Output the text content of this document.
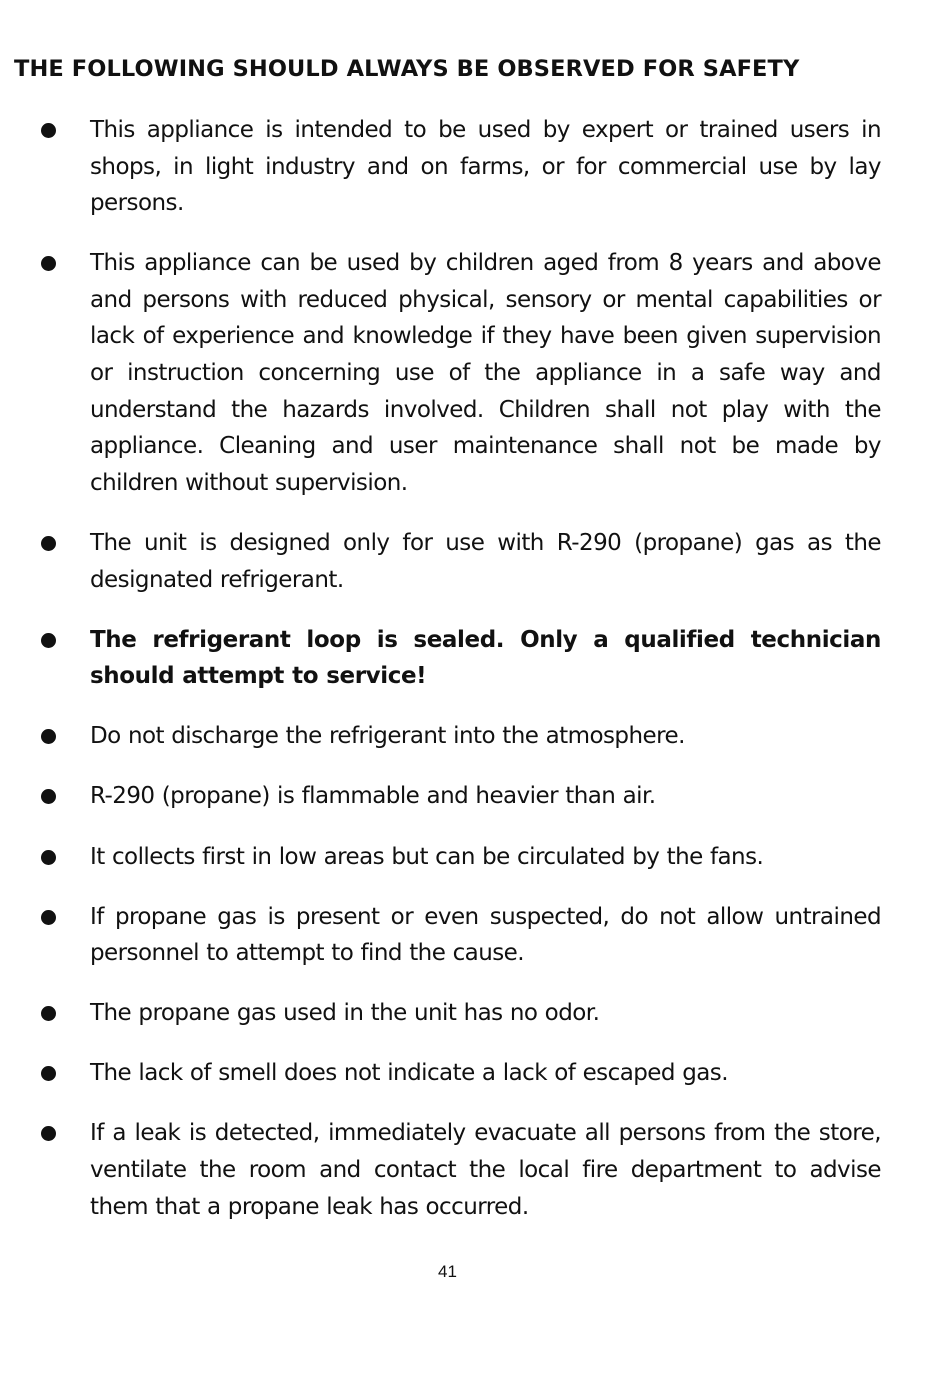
THE FOLLOWING SHOULD ALWAYS BE OBSERVED FOR SAFETY
This appliance is intended to be used by expert or trained users in shops, in light industry and on farms, or for commercial use by lay persons.
This appliance can be used by children aged from 8 years and above and persons with reduced physical, sensory or mental capabilities or lack of experience and knowledge if they have been given supervision or instruction concerning use of the appliance in a safe way and understand the hazards involved. Children shall not play with the appliance. Cleaning and user maintenance shall not be made by children without supervision.
The unit is designed only for use with R-290 (propane) gas as the designated refrigerant.
The refrigerant loop is sealed. Only a qualified technician should attempt to service!
Do not discharge the refrigerant into the atmosphere.
R-290 (propane) is flammable and heavier than air.
It collects first in low areas but can be circulated by the fans.
If propane gas is present or even suspected, do not allow untrained personnel to attempt to find the cause.
The propane gas used in the unit has no odor.
The lack of smell does not indicate a lack of escaped gas.
If a leak is detected, immediately evacuate all persons from the store, ventilate the room and contact the local fire department to advise them that a propane leak has occurred.
41
